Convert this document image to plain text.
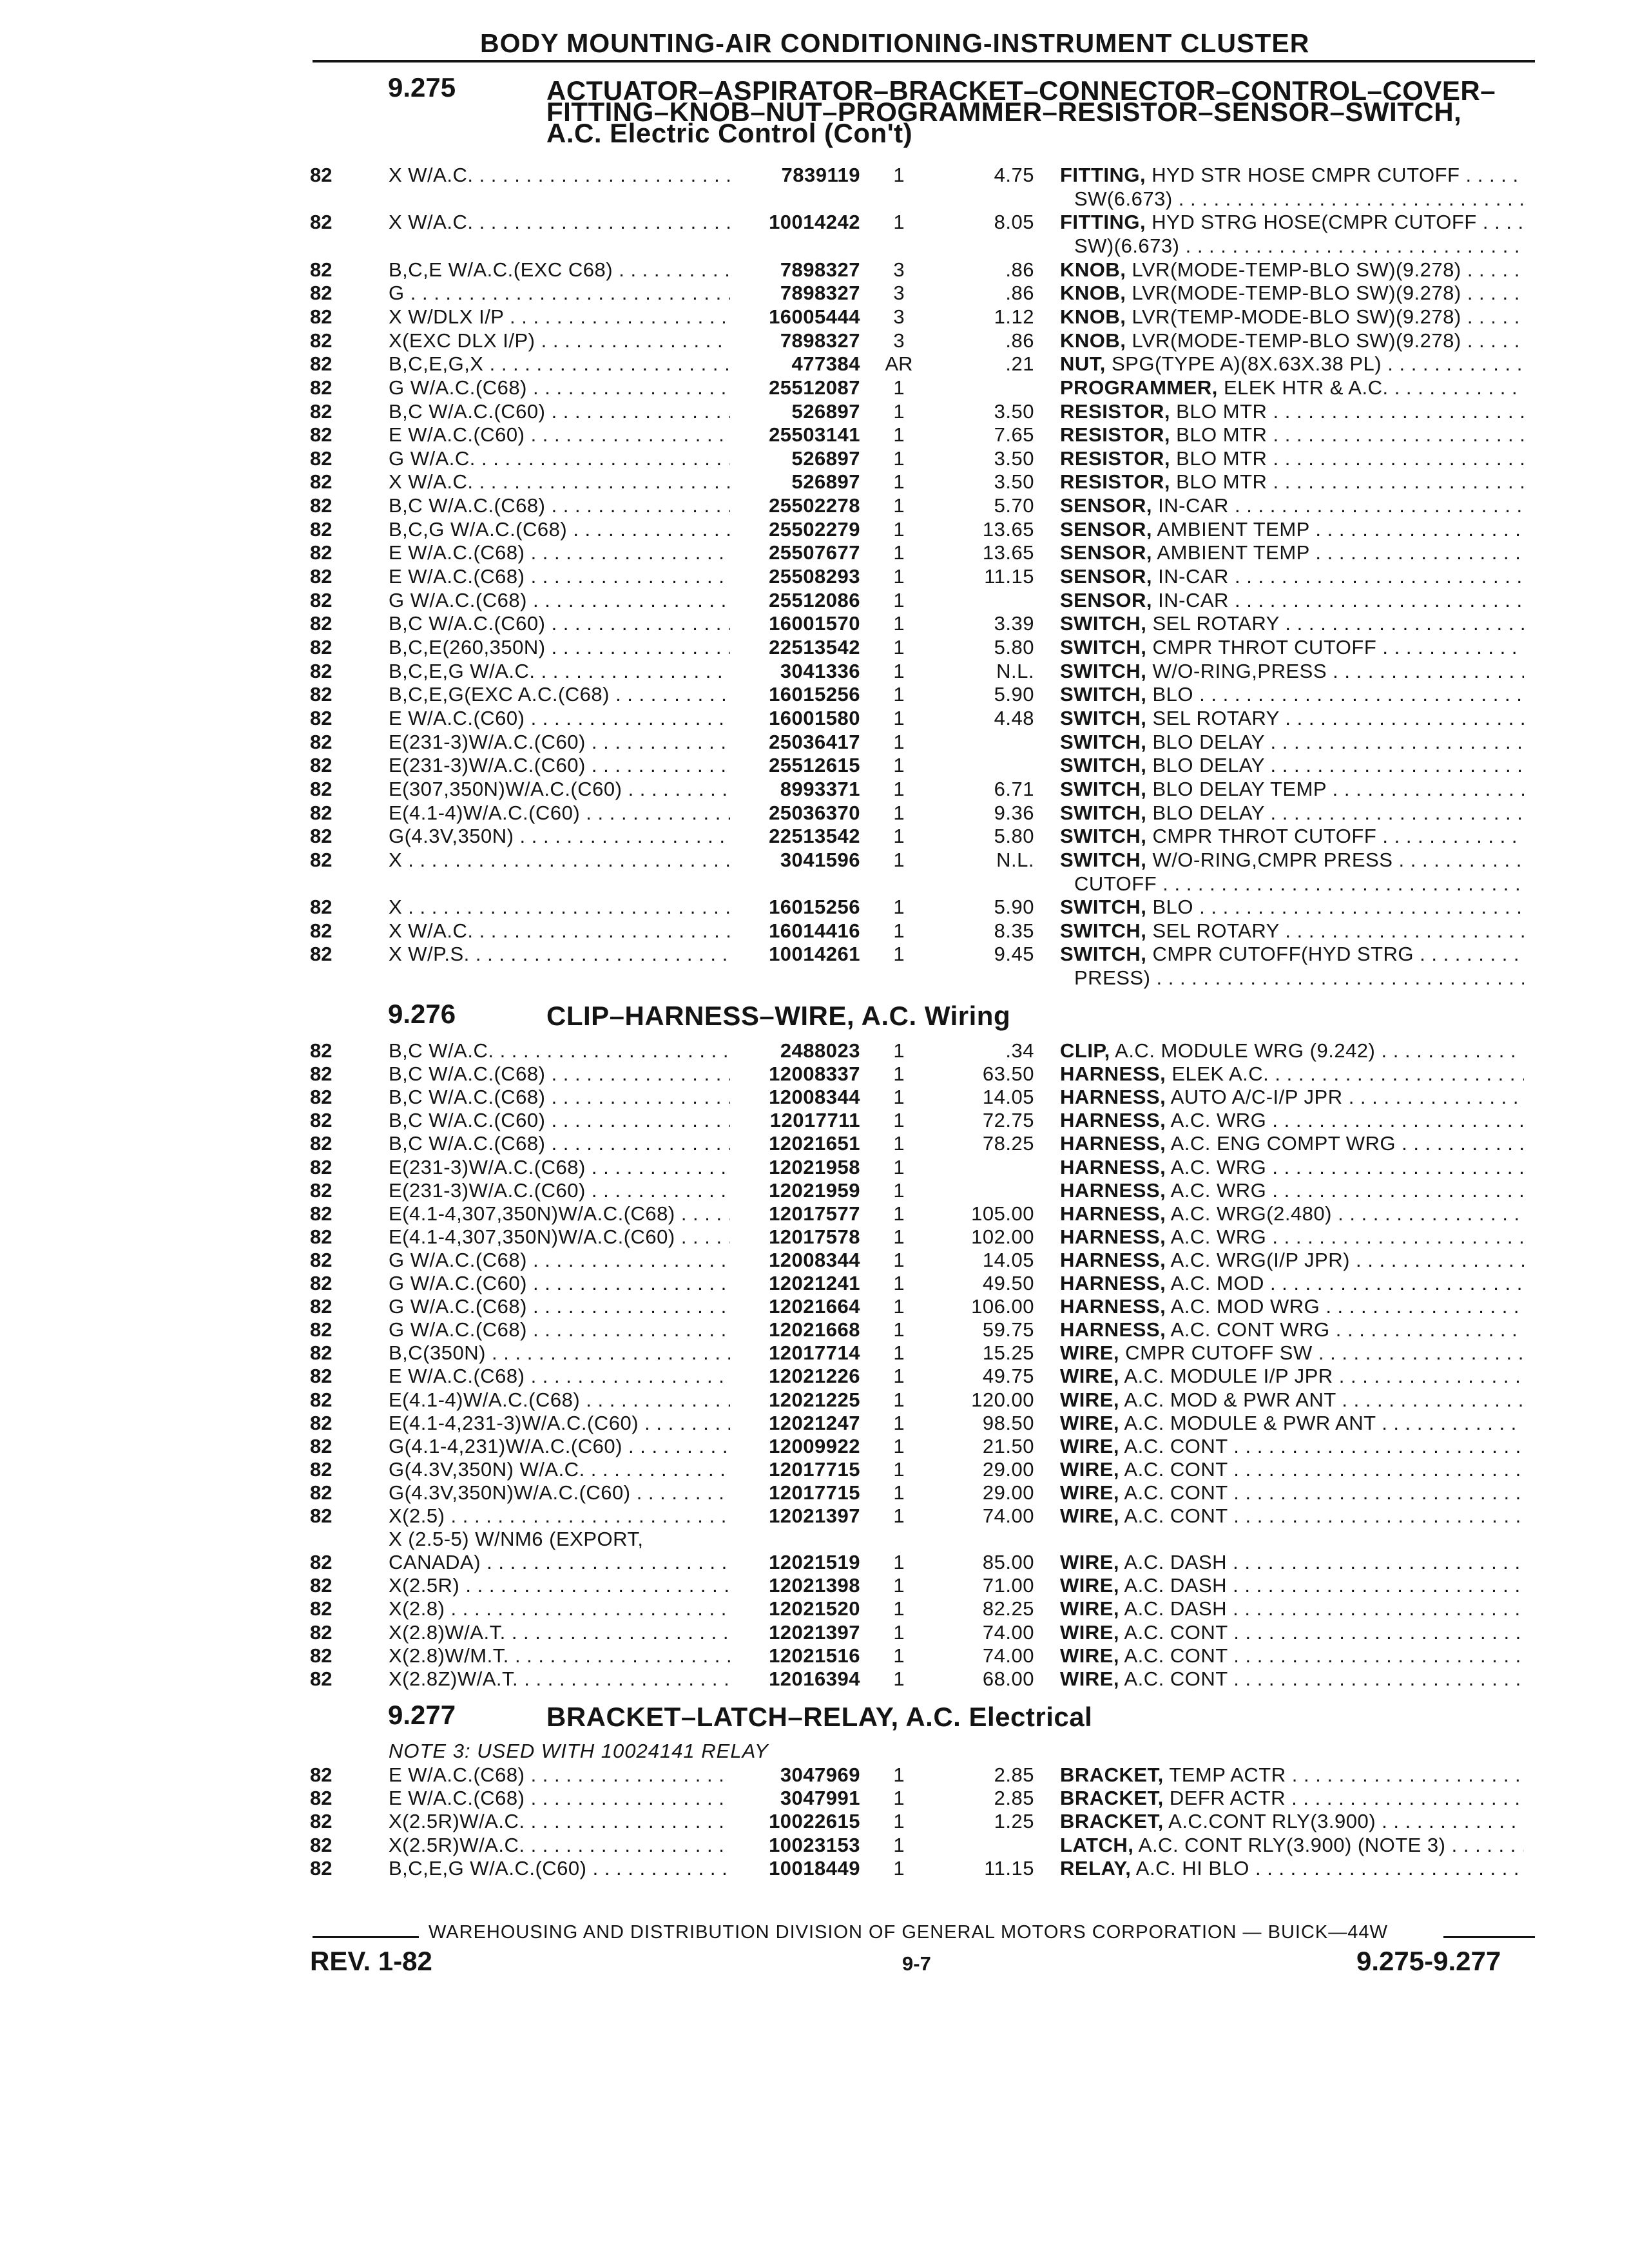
BODY MOUNTING-AIR CONDITIONING-INSTRUMENT CLUSTER
9.275	ACTUATOR–ASPIRATOR–BRACKET–CONNECTOR–CONTROL–COVER–
FITTING–KNOB–NUT–PROGRAMMER–RESISTOR–SENSOR–SWITCH,
A.C. Electric Control (Con't)
82	X W/A.C. . . .	7839119	1	4.75 FITTING, HYD STR HOSE CMPR CUTOFF . . .
SW(6.673) . . .
82	X W/A.C. . . .	10014242	1	8.05 FITTING, HYD STRG HOSE(CMPR CUTOFF . . .
SW)(6.673) . . .
82	B,C,E W/A.C.(EXC C68) . . .	7898327	3	.86 KNOB, LVR(MODE-TEMP-BLO SW)(9.278) . . .
82	G . . .	7898327	3	.86 KNOB, LVR(MODE-TEMP-BLO SW)(9.278) . . .
82	X W/DLX I/P . . .	16005444	3	1.12 KNOB, LVR(TEMP-MODE-BLO SW)(9.278) . . .
82	X(EXC DLX I/P) . . .	7898327	3	.86 KNOB, LVR(MODE-TEMP-BLO SW)(9.278) . . .
82	B,C,E,G,X . . .	477384 AR	.21 NUT, SPG(TYPE A)(8X.63X.38 PL) . . .
82	G W/A.C.(C68) . . .	25512087	1	PROGRAMMER, ELEK HTR & A.C. . . .
82	B,C W/A.C.(C60) . . .	526897	1	3.50 RESISTOR, BLO MTR . . .
82	E W/A.C.(C60) . . .	25503141	1	7.65 RESISTOR, BLO MTR . . .
82	G W/A.C. . . .	526897	1	3.50 RESISTOR, BLO MTR . . .
82	X W/A.C. . . .	526897	1	3.50 RESISTOR, BLO MTR . . .
82	B,C W/A.C.(C68) . . .	25502278	1	5.70 SENSOR, IN-CAR . . .
82	B,C,G W/A.C.(C68) . . .	25502279	1	13.65 SENSOR, AMBIENT TEMP . . .
82	E W/A.C.(C68) . . .	25507677	1	13.65 SENSOR, AMBIENT TEMP . . .
82	E W/A.C.(C68) . . .	25508293	1	11.15 SENSOR, IN-CAR . . .
82	G W/A.C.(C68) . . .	25512086	1	SENSOR, IN-CAR . . .
82	B,C W/A.C.(C60) . . .	16001570	1	3.39 SWITCH, SEL ROTARY . . .
82	B,C,E(260,350N) . . .	22513542	1	5.80 SWITCH, CMPR THROT CUTOFF . . .
82	B,C,E,G W/A.C. . . .	3041336	1	N.L. SWITCH, W/O-RING,PRESS . . .
82	B,C,E,G(EXC A.C.(C68) . . .	16015256	1	5.90 SWITCH, BLO . . .
82	E W/A.C.(C60) . . .	16001580	1	4.48 SWITCH, SEL ROTARY . . .
82	E(231-3)W/A.C.(C60) . . .	25036417	1	SWITCH, BLO DELAY . . .
82	E(231-3)W/A.C.(C60) . . .	25512615	1	SWITCH, BLO DELAY . . .
82	E(307,350N)W/A.C.(C60) . . .	8993371	1	6.71 SWITCH, BLO DELAY TEMP . . .
82	E(4.1-4)W/A.C.(C60) . . .	25036370	1	9.36 SWITCH, BLO DELAY . . .
82	G(4.3V,350N) . . .	22513542	1	5.80 SWITCH, CMPR THROT CUTOFF . . .
82	X . . .	3041596	1	N.L. SWITCH, W/O-RING,CMPR PRESS . . .
CUTOFF . . .
82	X . . .	16015256	1	5.90 SWITCH, BLO . . .
82	X W/A.C. . . .	16014416	1	8.35 SWITCH, SEL ROTARY . . .
82	X W/P.S. . . .	10014261	1	9.45 SWITCH, CMPR CUTOFF(HYD STRG . . .
PRESS) . . .
9.276	CLIP–HARNESS–WIRE, A.C. Wiring
82	B,C W/A.C. . . .	2488023	1	.34 CLIP, A.C. MODULE WRG (9.242) . . .
82	B,C W/A.C.(C68) . . .	12008337	1	63.50 HARNESS, ELEK A.C. . . .
82	B,C W/A.C.(C68) . . .	12008344	1	14.05 HARNESS, AUTO A/C-I/P JPR . . .
82	B,C W/A.C.(C60) . . .	12017711	1	72.75 HARNESS, A.C. WRG . . .
82	B,C W/A.C.(C68) . . .	12021651	1	78.25 HARNESS, A.C. ENG COMPT WRG . . .
82	E(231-3)W/A.C.(C68) . . .	12021958	1	HARNESS, A.C. WRG . . .
82	E(231-3)W/A.C.(C60) . . .	12021959	1	HARNESS, A.C. WRG . . .
82	E(4.1-4,307,350N)W/A.C.(C68) . . .	12017577	1	105.00 HARNESS, A.C. WRG(2.480) . . .
82	E(4.1-4,307,350N)W/A.C.(C60) . . .	12017578	1	102.00 HARNESS, A.C. WRG . . .
82	G W/A.C.(C68) . . .	12008344	1	14.05 HARNESS, A.C. WRG(I/P JPR) . . .
82	G W/A.C.(C60) . . .	12021241	1	49.50 HARNESS, A.C. MOD . . .
82	G W/A.C.(C68) . . .	12021664	1	106.00 HARNESS, A.C. MOD WRG . . .
82	G W/A.C.(C68) . . .	12021668	1	59.75 HARNESS, A.C. CONT WRG . . .
82	B,C(350N) . . .	12017714	1	15.25 WIRE, CMPR CUTOFF SW . . .
82	E W/A.C.(C68) . . .	12021226	1	49.75 WIRE, A.C. MODULE I/P JPR . . .
82	E(4.1-4)W/A.C.(C68) . . .	12021225	1	120.00 WIRE, A.C. MOD & PWR ANT . . .
82	E(4.1-4,231-3)W/A.C.(C60) . . .	12021247	1	98.50 WIRE, A.C. MODULE & PWR ANT . . .
82	G(4.1-4,231)W/A.C.(C60) . . .	12009922	1	21.50 WIRE, A.C. CONT . . .
82	G(4.3V,350N) W/A.C. . . .	12017715	1	29.00 WIRE, A.C. CONT . . .
82	G(4.3V,350N)W/A.C.(C60) . . .	12017715	1	29.00 WIRE, A.C. CONT . . .
82	X(2.5) . . .	12021397	1	74.00 WIRE, A.C. CONT . . .
X (2.5-5) W/NM6 (EXPORT,
82	CANADA) . . .	12021519	1	85.00 WIRE, A.C. DASH . . .
82	X(2.5R) . . .	12021398	1	71.00 WIRE, A.C. DASH . . .
82	X(2.8) . . .	12021520	1	82.25 WIRE, A.C. DASH . . .
82	X(2.8)W/A.T. . . .	12021397	1	74.00 WIRE, A.C. CONT . . .
82	X(2.8)W/M.T. . . .	12021516	1	74.00 WIRE, A.C. CONT . . .
82	X(2.8Z)W/A.T. . . .	12016394	1	68.00 WIRE, A.C. CONT . . .
9.277	BRACKET–LATCH–RELAY, A.C. Electrical
NOTE 3: USED WITH 10024141 RELAY
82	E W/A.C.(C68) . . .	3047969	1	2.85 BRACKET, TEMP ACTR . . .
82	E W/A.C.(C68) . . .	3047991	1	2.85 BRACKET, DEFR ACTR . . .
82	X(2.5R)W/A.C. . . .	10022615	1	1.25 BRACKET, A.C.CONT RLY(3.900) . . .
82	X(2.5R)W/A.C. . . .	10023153	1	LATCH, A.C. CONT RLY(3.900) (NOTE 3) . . .
82	B,C,E,G W/A.C.(C60) . . .	10018449	1	11.15 RELAY, A.C. HI BLO . . .
WAREHOUSING AND DISTRIBUTION DIVISION OF GENERAL MOTORS CORPORATION — BUICK—44W
REV. 1-82	9-7	9.275-9.277
